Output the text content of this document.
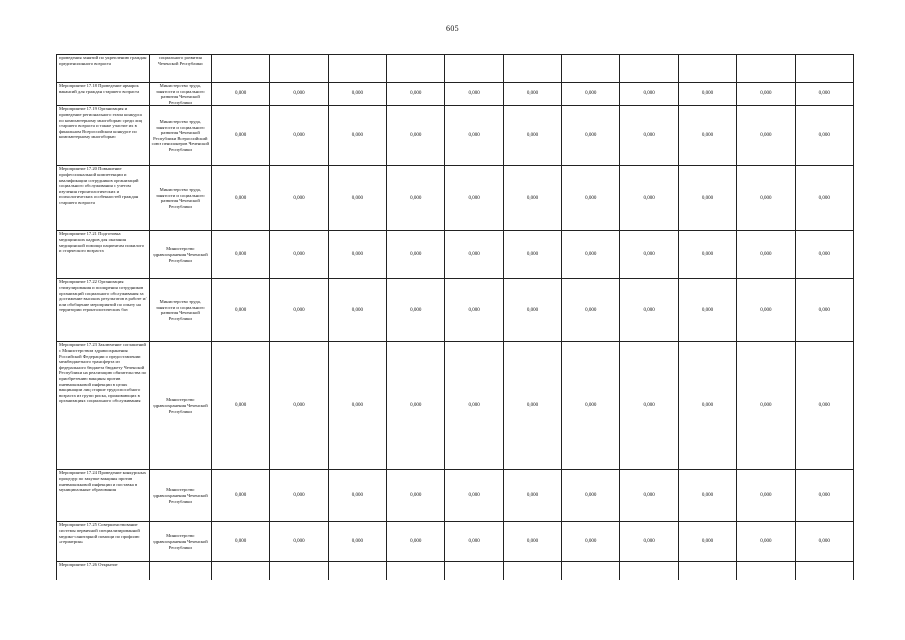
605
проведения занятий по укреплению граждан предпенсионного возраста	социального развития Чеченской Республики											
Мероприятие 17.18 Проведение ярмарок вакансий для граждан старшего возраста	Министерство труда, занятости и социального развития Чеченской Республики	0,000	0,000	0,000	0,000	0,000	0,000	0,000	0,000	0,000	0,000	0,000
Мероприятие 17.19 Организация и проведение регионального этапа конкурса по компьютерному многоборью среди лиц старшего возраста и также участие их в финальном Всероссийском конкурсе по компьютерному многоборью	Министерство труда, занятости и социального развития Чеченской Республики Всероссийский союз пенсионеров Чеченской Республики	0,000	0,000	0,000	0,000	0,000	0,000	0,000	0,000	0,000	0,000	0,000
Мероприятие 17.20 Повышение профессиональной компетенции и квалификации сотрудников организаций социального обслуживания с учетом изучения геронтологических и психологических особенностей граждан старшего возраста	Министерство труда, занятости и социального развития Чеченской Республики	0,000	0,000	0,000	0,000	0,000	0,000	0,000	0,000	0,000	0,000	0,000
Мероприятие 17.21 Подготовка медицинских кадров для оказания медицинской помощи пациентам пожилого и старческого возраста	Министерство здравоохранения Чеченской Республики	0,000	0,000	0,000	0,000	0,000	0,000	0,000	0,000	0,000	0,000	0,000
Мероприятие 17.22 Организация стимулирования и поощрения сотрудников организаций социального обслуживания за достижение высоких результатов в работе и/или обобщение мероприятий по опыту на территории геронтологических баз	Министерство труда, занятости и социального развития Чеченской Республики	0,000	0,000	0,000	0,000	0,000	0,000	0,000	0,000	0,000	0,000	0,000
Мероприятие 17.23 Заключение соглашений с Министерством здравоохранения Российской Федерации о предоставлении межбюджетного трансферта из федерального бюджета бюджету Чеченской Республики на реализацию обязательства по приобретению вакцины против пневмококковой инфекции в целях вакцинации лиц старше трудоспособного возраста из групп риска, проживающих в организациях социального обслуживания	Министерство здравоохранения Чеченской Республики	0,000	0,000	0,000	0,000	0,000	0,000	0,000	0,000	0,000	0,000	0,000
Мероприятие 17.24 Проведение конкурсных процедур по закупке вакцины против пневмококковой инфекции и поставка в муниципальные образования	Министерство здравоохранения Чеченской Республики	0,000	0,000	0,000	0,000	0,000	0,000	0,000	0,000	0,000	0,000	0,000
Мероприятие 17.25 Совершенствование системы первичной специализированной медико-санитарной помощи по профилю «гериатрия»	Министерство здравоохранения Чеченской Республики	0,000	0,000	0,000	0,000	0,000	0,000	0,000	0,000	0,000	0,000	0,000
Мероприятие 17.26 Открытие												
